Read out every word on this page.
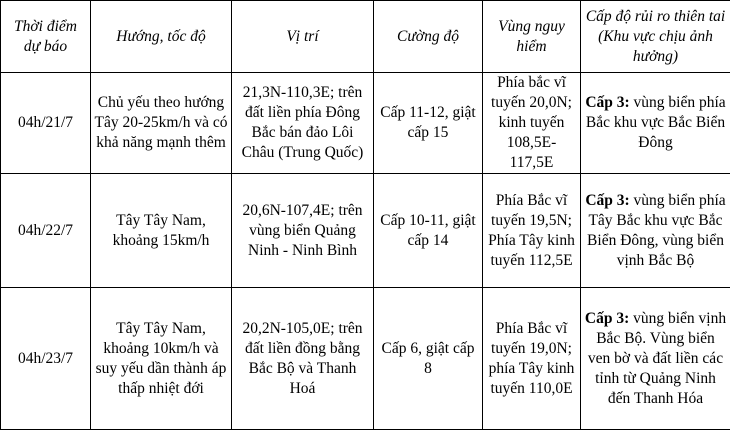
Thời điểm dự báo	Hướng, tốc độ	Vị trí	Cường độ	Vùng nguy hiểm	Cấp độ rủi ro thiên tai (Khu vực chịu ảnh hưởng)
04h/21/7	Chủ yếu theo hướng Tây 20-25km/h và có khả năng mạnh thêm	21,3N-110,3E; trên đất liền phía Đông Bắc bán đảo Lôi Châu (Trung Quốc)	Cấp 11-12, giật cấp 15	Phía bắc vĩ tuyến 20,0N; kinh tuyến 108,5E-117,5E	Cấp 3: vùng biển phía Bắc khu vực Bắc Biển Đông
04h/22/7	Tây Tây Nam, khoảng 15km/h	20,6N-107,4E; trên vùng biển Quảng Ninh - Ninh Bình	Cấp 10-11, giật cấp 14	Phía Bắc vĩ tuyến 19,5N; Phía Tây kinh tuyến 112,5E	Cấp 3: vùng biển phía Tây Bắc khu vực Bắc Biển Đông, vùng biển vịnh Bắc Bộ
04h/23/7	Tây Tây Nam, khoảng 10km/h và suy yếu dần thành áp thấp nhiệt đới	20,2N-105,0E; trên đất liền đồng bằng Bắc Bộ và Thanh Hoá	Cấp 6, giật cấp 8	Phía Bắc vĩ tuyến 19,0N; phía Tây kinh tuyến 110,0E	Cấp 3: vùng biển vịnh Bắc Bộ. Vùng biển ven bờ và đất liền các tỉnh từ Quảng Ninh đến Thanh Hóa
